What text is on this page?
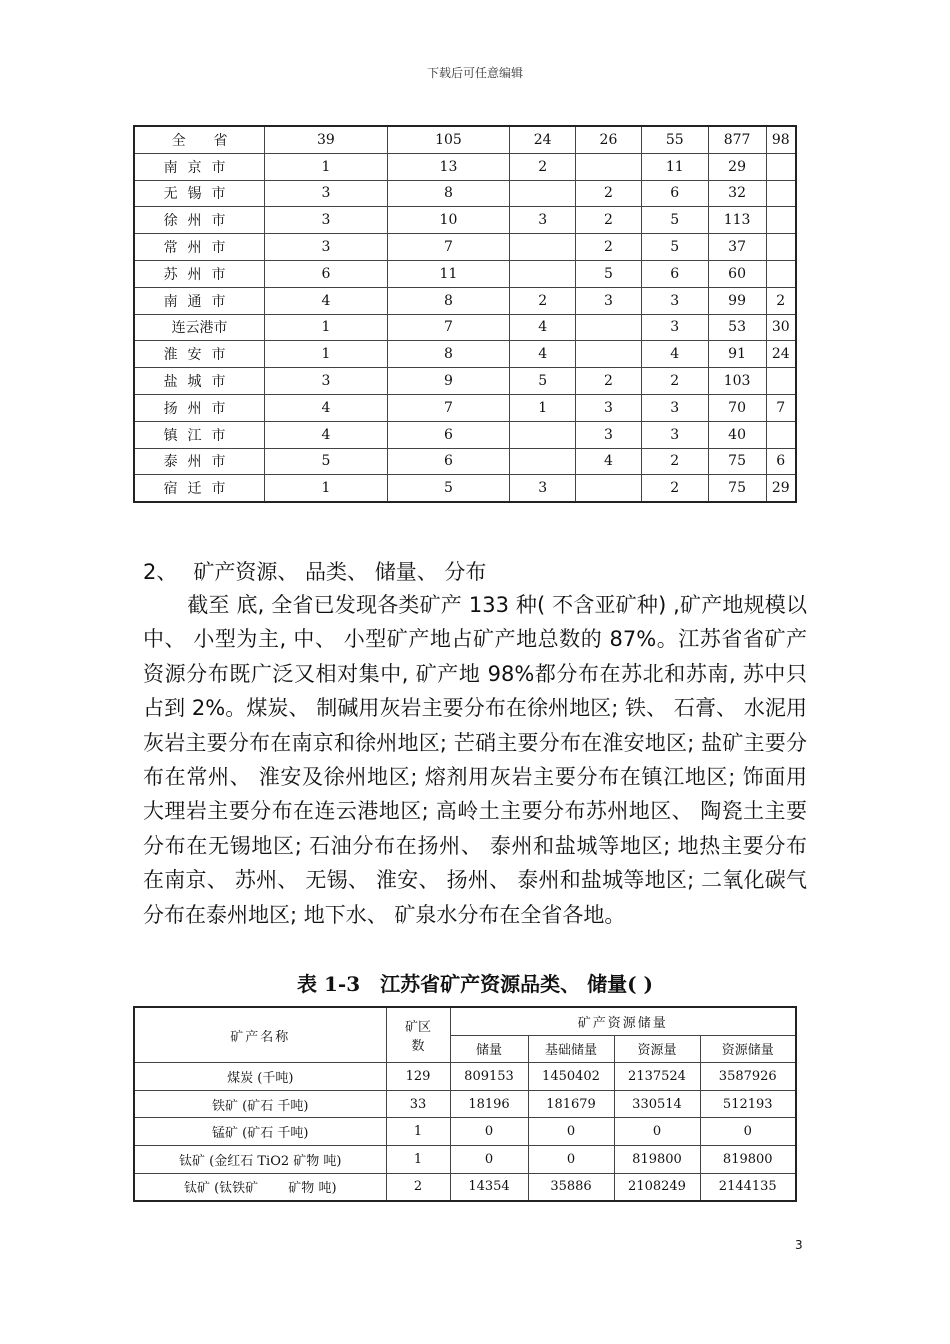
下载后可任意编辑
全　　省	39	105	24	26	55	877	98
南京市	1	13	2		11	29	
无锡市	3	8		2	6	32	
徐州市	3	10	3	2	5	113	
常州市	3	7		2	5	37	
苏州市	6	11		5	6	60	
南通市	4	8	2	3	3	99	2
连云港市	1	7	4		3	53	30
淮安市	1	8	4		4	91	24
盐城市	3	9	5	2	2	103	
扬州市	4	7	1	3	3	70	7
镇江市	4	6		3	3	40	
泰州市	5	6		4	2	75	6
宿迁市	1	5	3		2	75	29
2、 矿产资源、 品类、 储量、 分布
截至 底, 全省已发现各类矿产 133 种( 不含亚矿种) ,矿产地规模以中、 小型为主, 中、 小型矿产地占矿产地总数的 87%。江苏省省矿产资源分布既广泛又相对集中, 矿产地 98%都分布在苏北和苏南, 苏中只占到 2%。煤炭、 制碱用灰岩主要分布在徐州地区; 铁、 石膏、 水泥用灰岩主要分布在南京和徐州地区; 芒硝主要分布在淮安地区; 盐矿主要分布在常州、 淮安及徐州地区; 熔剂用灰岩主要分布在镇江地区; 饰面用大理岩主要分布在连云港地区; 高岭土主要分布苏州地区、 陶瓷土主要分布在无锡地区; 石油分布在扬州、 泰州和盐城等地区; 地热主要分布在南京、 苏州、 无锡、 淮安、 扬州、 泰州和盐城等地区; 二氧化碳气分布在泰州地区; 地下水、 矿泉水分布在全省各地。
表 1-3　江苏省矿产资源品类、 储量( )
矿产名称	矿区
数	矿产资源储量			
		储量	基础储量	资源量	资源储量
煤炭 (千吨)	129	809153	1450402	2137524	3587926
铁矿 (矿石 千吨)	33	18196	181679	330514	512193
锰矿 (矿石 千吨)	1	0	0	0	0
钛矿 (金红石 TiO2 矿物 吨)	1	0	0	819800	819800
钛矿 (钛铁矿　　 矿物 吨)	2	14354	35886	2108249	2144135
3
